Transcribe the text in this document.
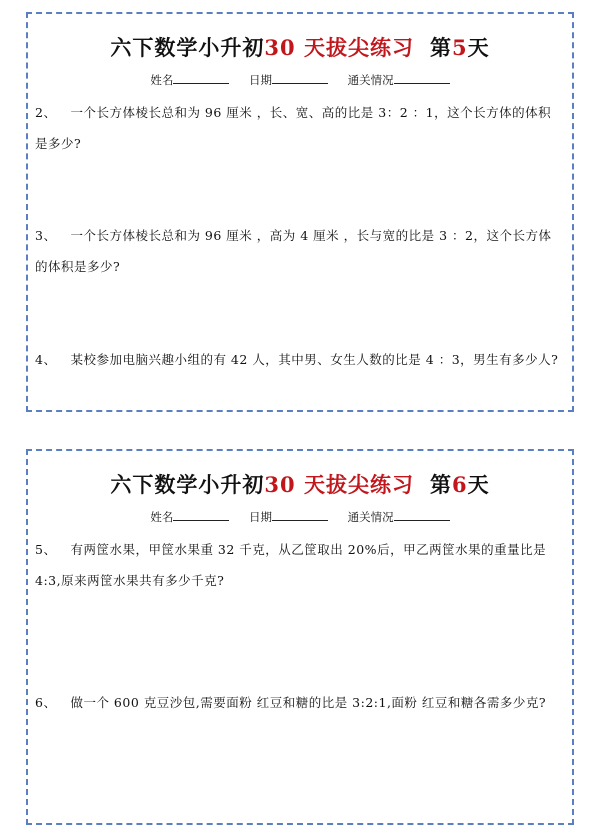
六下数学小升初30 天拔尖练习 第5天
姓名	日期	通关情况
2、 一个长方体棱长总和为 96 厘米 ，长、宽、高的比是 3：2 ：1，这个长方体的体积是多少?
3、 一个长方体棱长总和为 96 厘米 ，高为 4 厘米 ，长与宽的比是 3 ：2，这个长方体的体积是多少?
4、 某校参加电脑兴趣小组的有 42 人，其中男、女生人数的比是 4 ：3，男生有多少人?
六下数学小升初30 天拔尖练习 第6天
姓名	日期	通关情况
5、 有两筐水果，甲筐水果重 32 千克，从乙筐取出 20%后，甲乙两筐水果的重量比是 4:3,原来两筐水果共有多少千克?
6、 做一个 600 克豆沙包,需要面粉 红豆和糖的比是 3:2:1,面粉 红豆和糖各需多少克?
